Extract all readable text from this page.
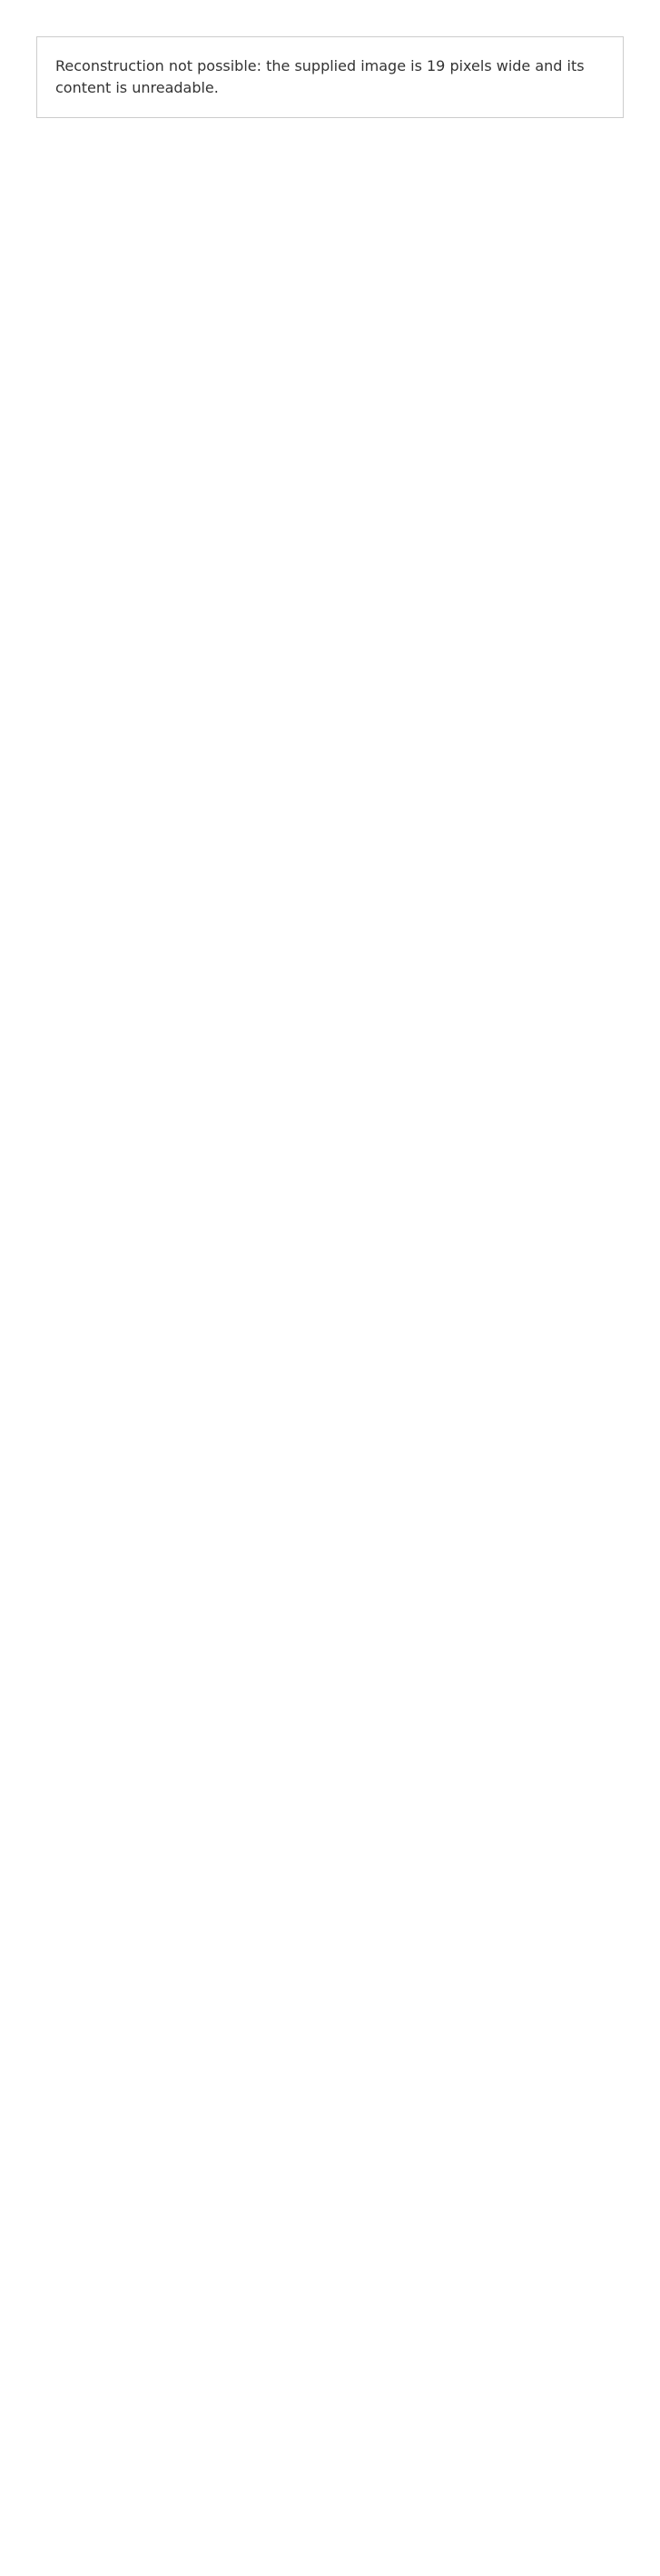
Reconstruction not possible: the supplied image is 19 pixels wide and its content is unreadable.
